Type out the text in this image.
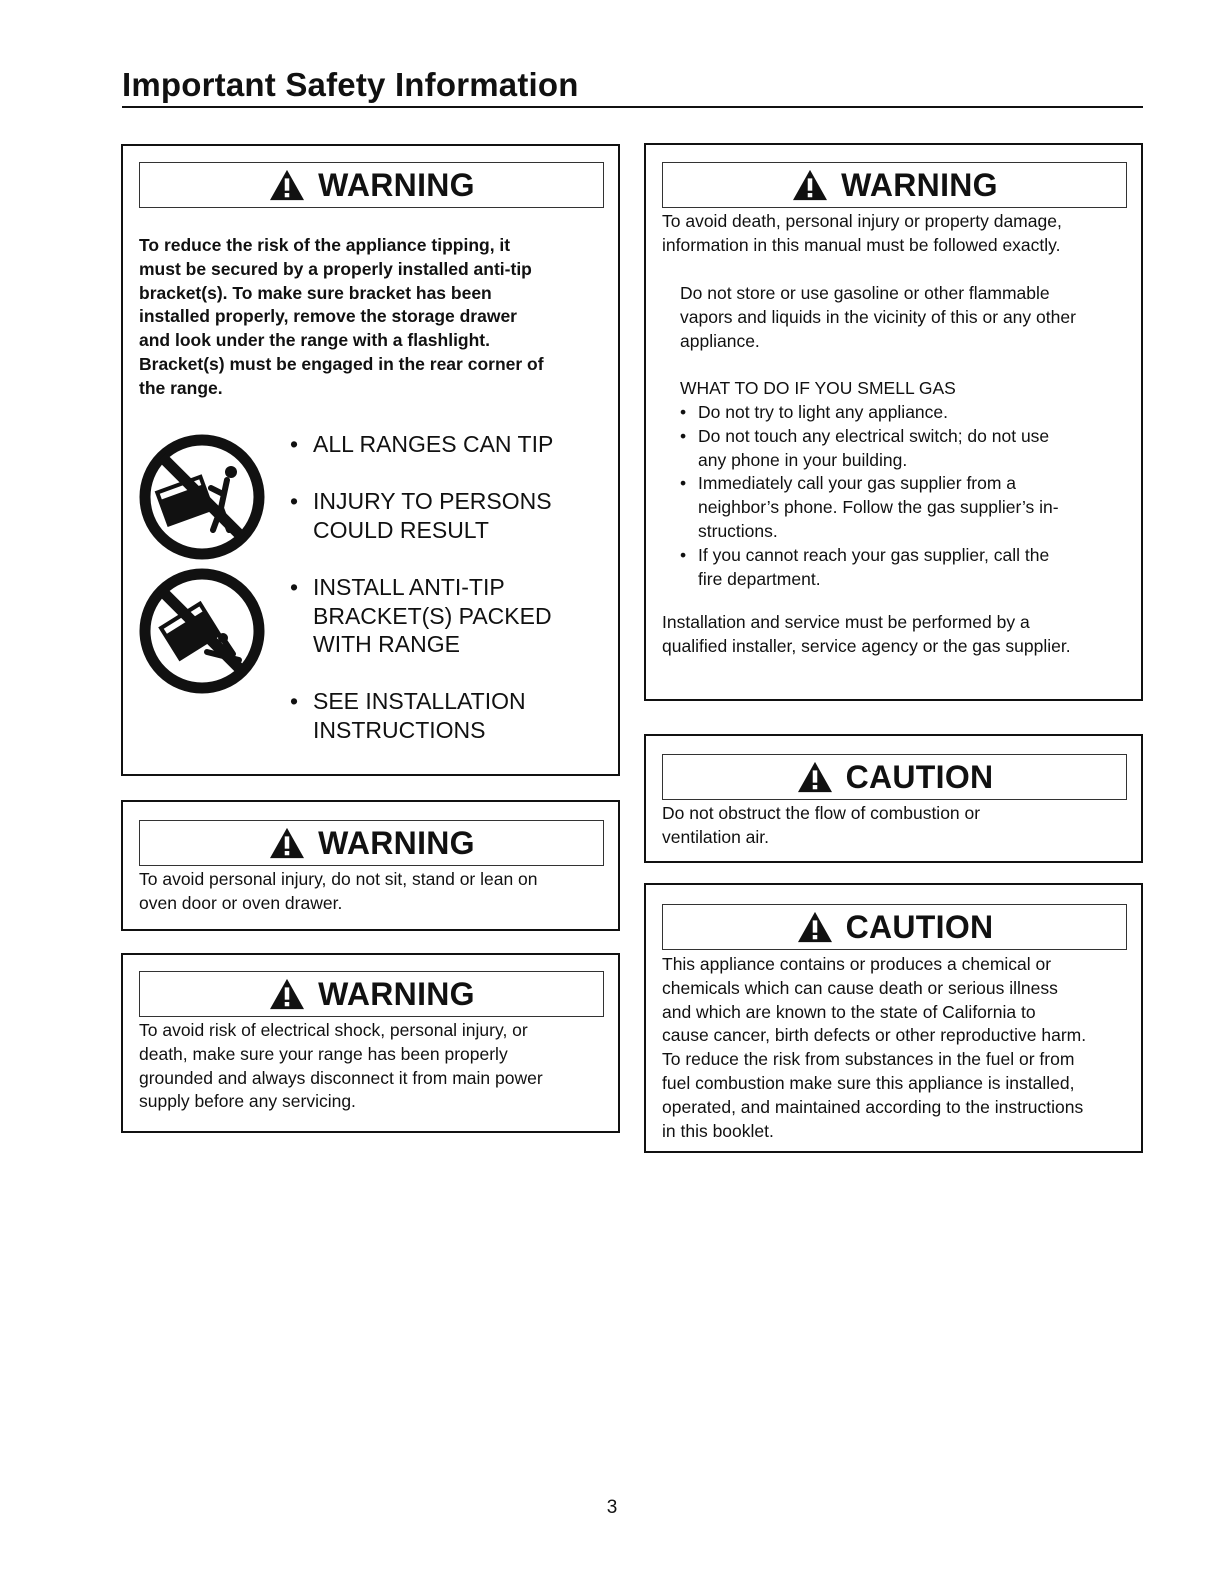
Important Safety Information
WARNING
To reduce the risk of the appliance tipping, it
must be secured by a properly installed anti-tip
bracket(s). To make sure bracket has been
installed properly, remove the storage drawer
and look under the range with a flashlight.
Bracket(s) must be engaged in the rear corner of
the range.
• ALL RANGES CAN TIP
• INJURY TO PERSONS
COULD RESULT
• INSTALL ANTI-TIP
BRACKET(S) PACKED
WITH RANGE
• SEE INSTALLATION
INSTRUCTIONS
WARNING
To avoid personal injury, do not sit, stand or lean on
oven door or oven drawer.
WARNING
To avoid risk of electrical shock, personal injury, or
death, make sure your range has been properly
grounded and always disconnect it from main power
supply before any servicing.
WARNING
To avoid death, personal injury or property damage,
information in this manual must be followed exactly.
Do not store or use gasoline or other flammable
vapors and liquids in the vicinity of this or any other
appliance.
WHAT TO DO IF YOU SMELL GAS
• Do not try to light any appliance.
• Do not touch any electrical switch; do not use
any phone in your building.
• Immediately call your gas supplier from a
neighbor’s phone. Follow the gas supplier’s in-
structions.
• If you cannot reach your gas supplier, call the
fire department.
Installation and service must be performed by a
qualified installer, service agency or the gas supplier.
CAUTION
Do not obstruct the flow of combustion or
ventilation air.
CAUTION
This appliance contains or produces a chemical or
chemicals which can cause death or serious illness
and which are known to the state of California to
cause cancer, birth defects or other reproductive harm.
To reduce the risk from substances in the fuel or from
fuel combustion make sure this appliance is installed,
operated, and maintained according to the instructions
in this booklet.
3
